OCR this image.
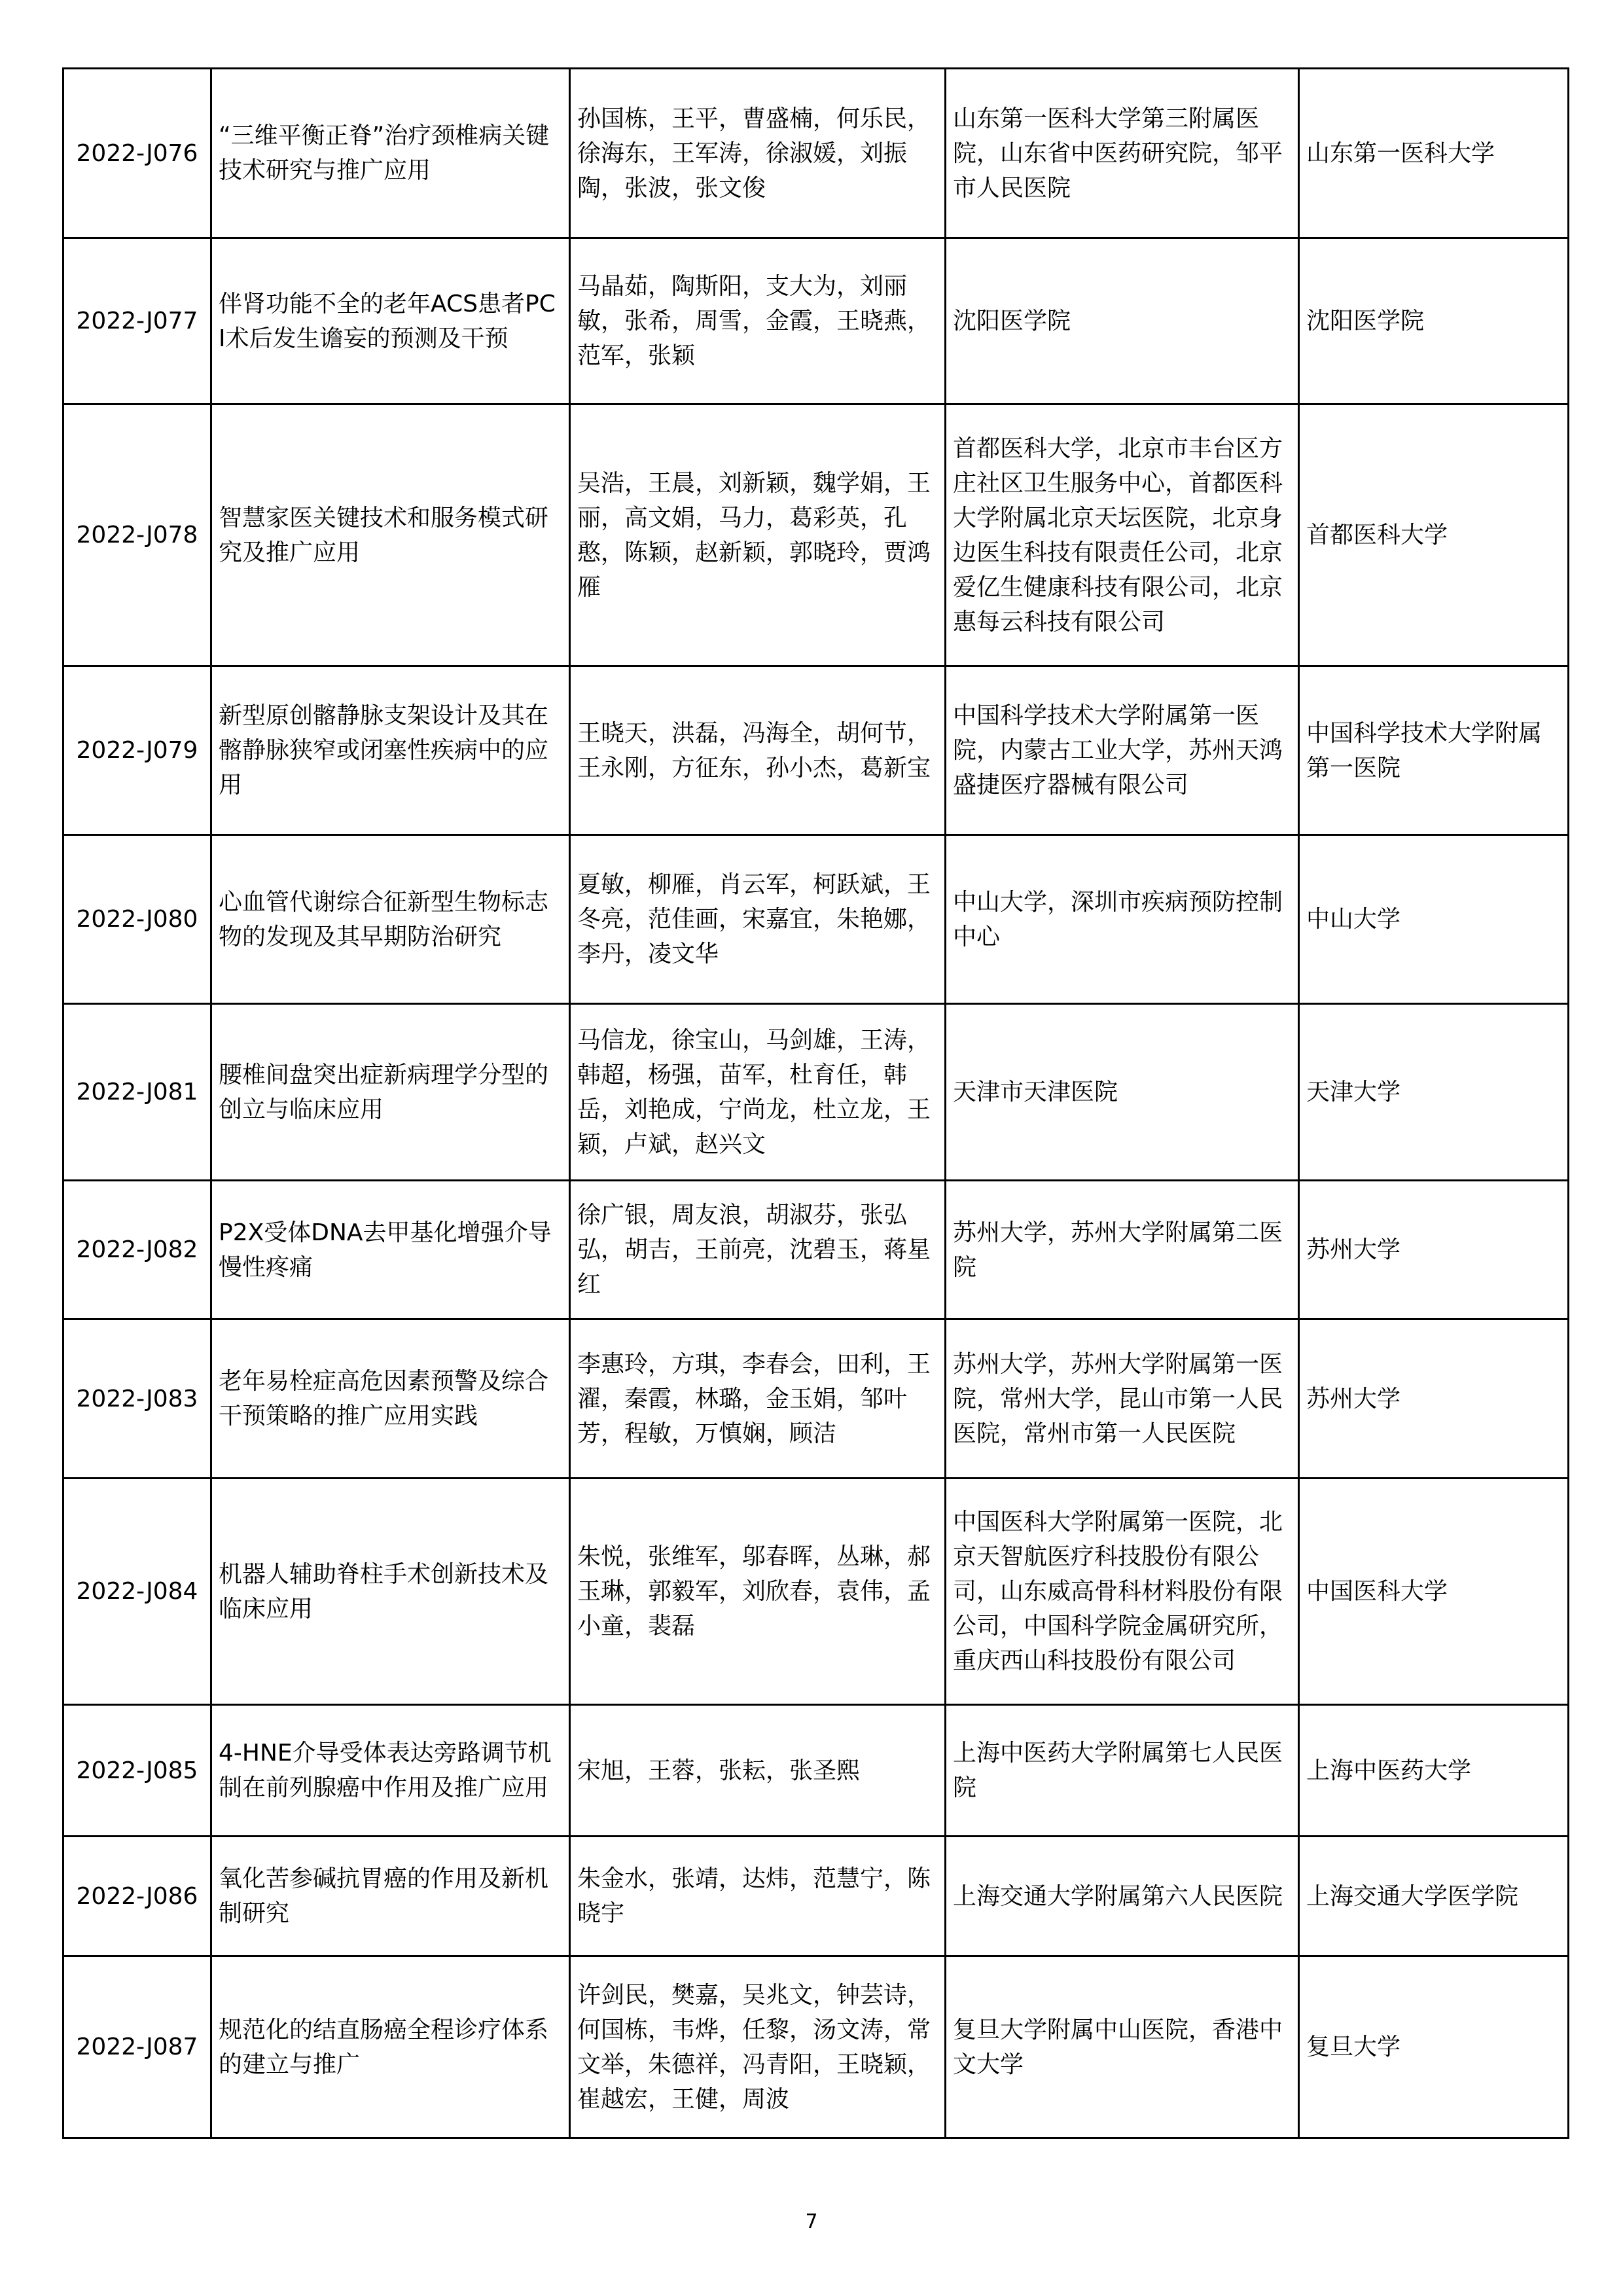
2022-J076	“三维平衡正脊”治疗颈椎病关键技术研究与推广应用	孙国栋，王平，曹盛楠，何乐民，徐海东，王军涛，徐淑媛，刘振陶，张波，张文俊	山东第一医科大学第三附属医院，山东省中医药研究院，邹平市人民医院	山东第一医科大学
2022-J077	伴肾功能不全的老年ACS患者PCI术后发生谵妄的预测及干预	马晶茹，陶斯阳，支大为，刘丽敏，张希，周雪，金霞，王晓燕，范军，张颖	沈阳医学院	沈阳医学院
2022-J078	智慧家医关键技术和服务模式研究及推广应用	吴浩，王晨，刘新颖，魏学娟，王丽，高文娟，马力，葛彩英，孔憨，陈颖，赵新颖，郭晓玲，贾鸿雁	首都医科大学，北京市丰台区方庄社区卫生服务中心，首都医科大学附属北京天坛医院，北京身边医生科技有限责任公司，北京爱亿生健康科技有限公司，北京惠每云科技有限公司	首都医科大学
2022-J079	新型原创髂静脉支架设计及其在髂静脉狭窄或闭塞性疾病中的应用	王晓天，洪磊，冯海全，胡何节，王永刚，方征东，孙小杰，葛新宝	中国科学技术大学附属第一医院，内蒙古工业大学，苏州天鸿盛捷医疗器械有限公司	中国科学技术大学附属第一医院
2022-J080	心血管代谢综合征新型生物标志物的发现及其早期防治研究	夏敏，柳雁，肖云军，柯跃斌，王冬亮，范佳画，宋嘉宜，朱艳娜，李丹，凌文华	中山大学，深圳市疾病预防控制中心	中山大学
2022-J081	腰椎间盘突出症新病理学分型的创立与临床应用	马信龙，徐宝山，马剑雄，王涛，韩超，杨强，苗军，杜育任，韩岳，刘艳成，宁尚龙，杜立龙，王颖，卢斌，赵兴文	天津市天津医院	天津大学
2022-J082	P2X受体DNA去甲基化增强介导慢性疼痛	徐广银，周友浪，胡淑芬，张弘弘，胡吉，王前亮，沈碧玉，蒋星红	苏州大学，苏州大学附属第二医院	苏州大学
2022-J083	老年易栓症高危因素预警及综合干预策略的推广应用实践	李惠玲，方琪，李春会，田利，王濯，秦霞，林璐，金玉娟，邹叶芳，程敏，万慎娴，顾洁	苏州大学，苏州大学附属第一医院，常州大学，昆山市第一人民医院，常州市第一人民医院	苏州大学
2022-J084	机器人辅助脊柱手术创新技术及临床应用	朱悦，张维军，邬春晖，丛琳，郝玉琳，郭毅军，刘欣春，袁伟，孟小童，裴磊	中国医科大学附属第一医院，北京天智航医疗科技股份有限公司，山东威高骨科材料股份有限公司，中国科学院金属研究所，重庆西山科技股份有限公司	中国医科大学
2022-J085	4-HNE介导受体表达旁路调节机制在前列腺癌中作用及推广应用	宋旭，王蓉，张耘，张圣熙	上海中医药大学附属第七人民医院	上海中医药大学
2022-J086	氧化苦参碱抗胃癌的作用及新机制研究	朱金水，张靖，达炜，范慧宁，陈晓宇	上海交通大学附属第六人民医院	上海交通大学医学院
2022-J087	规范化的结直肠癌全程诊疗体系的建立与推广	许剑民，樊嘉，吴兆文，钟芸诗，何国栋，韦烨，任黎，汤文涛，常文举，朱德祥，冯青阳，王晓颖，崔越宏，王健，周波	复旦大学附属中山医院，香港中文大学	复旦大学
7
